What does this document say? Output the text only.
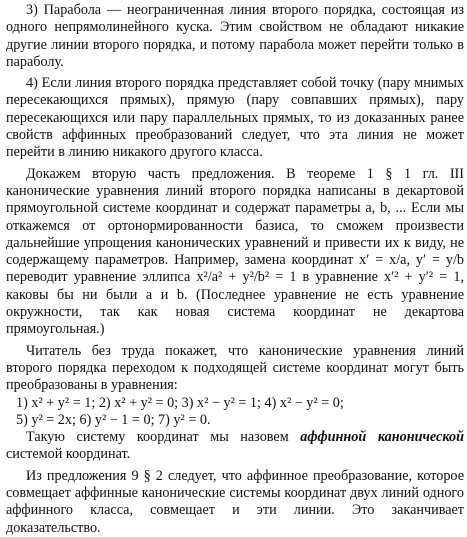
3) Парабола — неограниченная линия второго порядка, состоящая из одного непрямолинейного куска. Этим свойством не обладают никакие другие линии второго порядка, и потому парабола может перейти только в параболу.

4) Если линия второго порядка представляет собой точку (пару мнимых пересекающихся прямых), прямую (пару совпавших прямых), пару пересекающихся или пару параллельных прямых, то из доказанных ранее свойств аффинных преобразований следует, что эта линия не может перейти в линию никакого другого класса.

Докажем вторую часть предложения. В теореме 1 § 1 гл. III канонические уравнения линий второго порядка написаны в декартовой прямоугольной системе координат и содержат параметры a, b, ... Если мы откажемся от ортонормированности базиса, то сможем произвести дальнейшие упрощения канонических уравнений и привести их к виду, не содержащему параметров. Например, замена координат x′ = x/a, y′ = y/b переводит уравнение эллипса x²/a² + y²/b² = 1 в уравнение x′² + y′² = 1, каковы бы ни были a и b. (Последнее уравнение не есть уравнение окружности, так как новая система координат не декартова прямоугольная.)

Читатель без труда покажет, что канонические уравнения линий второго порядка переходом к подходящей системе координат могут быть преобразованы в уравнения:

1) x² + y² = 1; 2) x² + y² = 0; 3) x² − y² = 1; 4) x² − y² = 0;

5) y² = 2x; 6) y² − 1 = 0; 7) y² = 0.

Такую систему координат мы назовем аффинной канонической системой координат.

Из предложения 9 § 2 следует, что аффинное преобразование, которое совмещает аффинные канонические системы координат двух линий одного аффинного класса, совмещает и эти линии. Это заканчивает доказательство.
